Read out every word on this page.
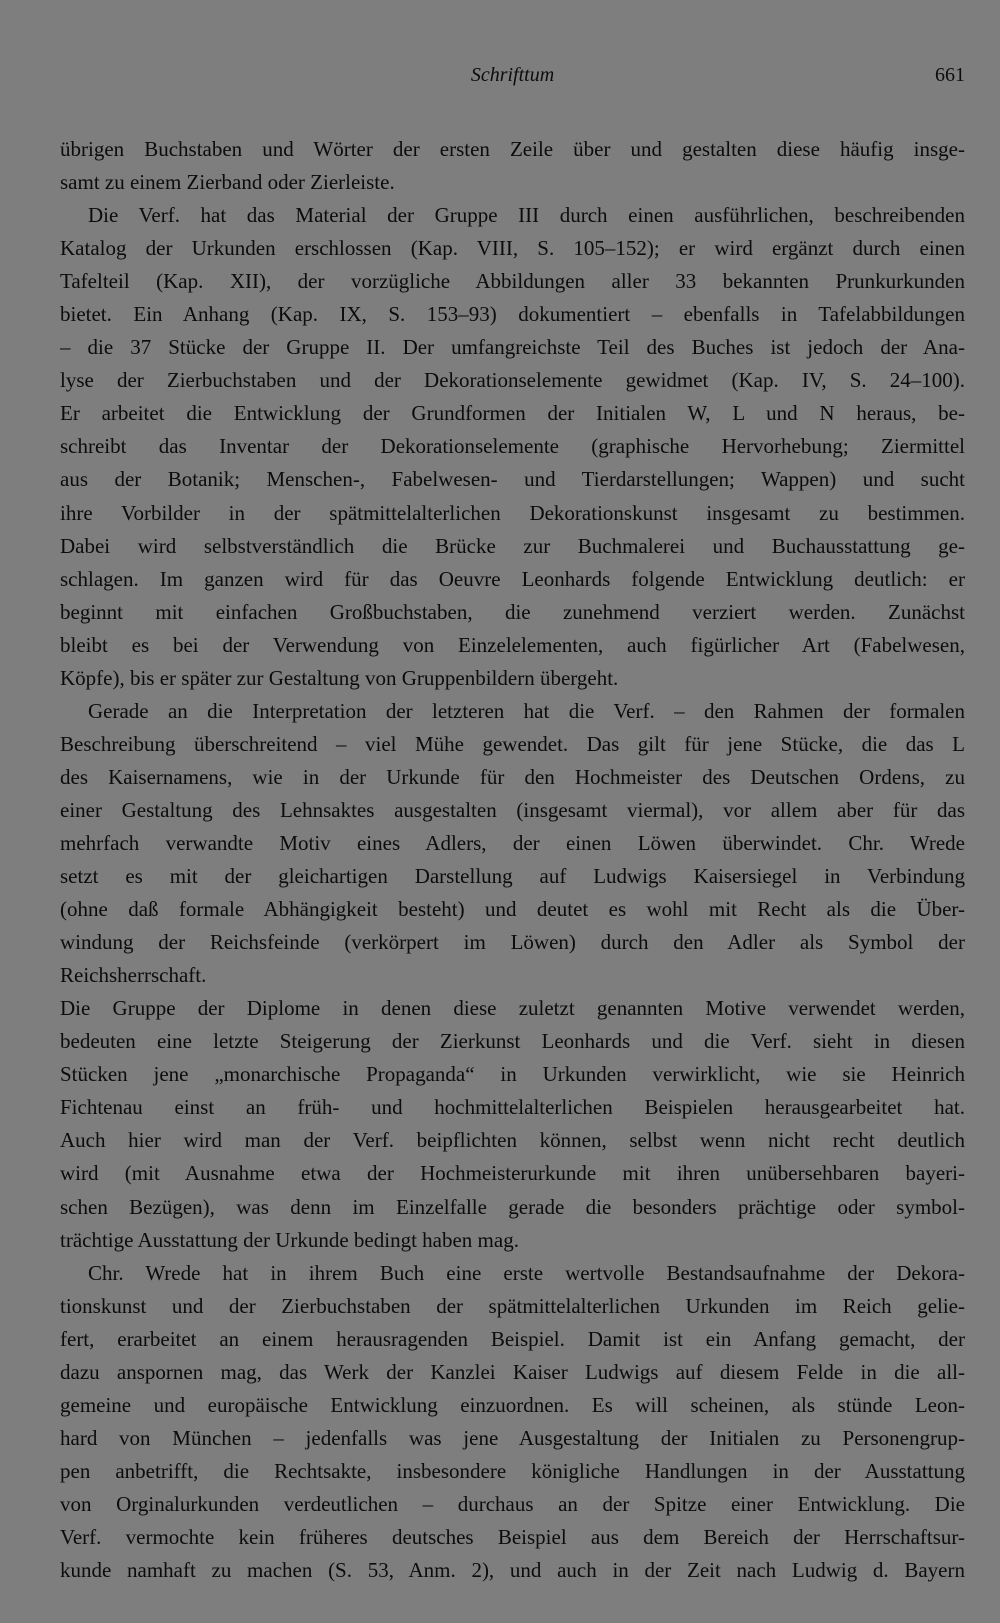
Schrifttum	661
übrigen Buchstaben und Wörter der ersten Zeile über und gestalten diese häufig insge-
samt zu einem Zierband oder Zierleiste.
Die Verf. hat das Material der Gruppe III durch einen ausführlichen, beschreibenden
Katalog der Urkunden erschlossen (Kap. VIII, S. 105–152); er wird ergänzt durch einen
Tafelteil (Kap. XII), der vorzügliche Abbildungen aller 33 bekannten Prunkurkunden
bietet. Ein Anhang (Kap. IX, S. 153–93) dokumentiert – ebenfalls in Tafelabbildungen
– die 37 Stücke der Gruppe II. Der umfangreichste Teil des Buches ist jedoch der Ana-
lyse der Zierbuchstaben und der Dekorationselemente gewidmet (Kap. IV, S. 24–100).
Er arbeitet die Entwicklung der Grundformen der Initialen W, L und N heraus, be-
schreibt das Inventar der Dekorationselemente (graphische Hervorhebung; Ziermittel
aus der Botanik; Menschen-, Fabelwesen- und Tierdarstellungen; Wappen) und sucht
ihre Vorbilder in der spätmittelalterlichen Dekorationskunst insgesamt zu bestimmen.
Dabei wird selbstverständlich die Brücke zur Buchmalerei und Buchausstattung ge-
schlagen. Im ganzen wird für das Oeuvre Leonhards folgende Entwicklung deutlich: er
beginnt mit einfachen Großbuchstaben, die zunehmend verziert werden. Zunächst
bleibt es bei der Verwendung von Einzelelementen, auch figürlicher Art (Fabelwesen,
Köpfe), bis er später zur Gestaltung von Gruppenbildern übergeht.
Gerade an die Interpretation der letzteren hat die Verf. – den Rahmen der formalen
Beschreibung überschreitend – viel Mühe gewendet. Das gilt für jene Stücke, die das L
des Kaisernamens, wie in der Urkunde für den Hochmeister des Deutschen Ordens, zu
einer Gestaltung des Lehnsaktes ausgestalten (insgesamt viermal), vor allem aber für das
mehrfach verwandte Motiv eines Adlers, der einen Löwen überwindet. Chr. Wrede
setzt es mit der gleichartigen Darstellung auf Ludwigs Kaisersiegel in Verbindung
(ohne daß formale Abhängigkeit besteht) und deutet es wohl mit Recht als die Über-
windung der Reichsfeinde (verkörpert im Löwen) durch den Adler als Symbol der
Reichsherrschaft.
Die Gruppe der Diplome in denen diese zuletzt genannten Motive verwendet werden,
bedeuten eine letzte Steigerung der Zierkunst Leonhards und die Verf. sieht in diesen
Stücken jene „monarchische Propaganda“ in Urkunden verwirklicht, wie sie Heinrich
Fichtenau einst an früh- und hochmittelalterlichen Beispielen herausgearbeitet hat.
Auch hier wird man der Verf. beipflichten können, selbst wenn nicht recht deutlich
wird (mit Ausnahme etwa der Hochmeisterurkunde mit ihren unübersehbaren bayeri-
schen Bezügen), was denn im Einzelfalle gerade die besonders prächtige oder symbol-
trächtige Ausstattung der Urkunde bedingt haben mag.
Chr. Wrede hat in ihrem Buch eine erste wertvolle Bestandsaufnahme der Dekora-
tionskunst und der Zierbuchstaben der spätmittelalterlichen Urkunden im Reich gelie-
fert, erarbeitet an einem herausragenden Beispiel. Damit ist ein Anfang gemacht, der
dazu anspornen mag, das Werk der Kanzlei Kaiser Ludwigs auf diesem Felde in die all-
gemeine und europäische Entwicklung einzuordnen. Es will scheinen, als stünde Leon-
hard von München – jedenfalls was jene Ausgestaltung der Initialen zu Personengrup-
pen anbetrifft, die Rechtsakte, insbesondere königliche Handlungen in der Ausstattung
von Orginalurkunden verdeutlichen – durchaus an der Spitze einer Entwicklung. Die
Verf. vermochte kein früheres deutsches Beispiel aus dem Bereich der Herrschaftsur-
kunde namhaft zu machen (S. 53, Anm. 2), und auch in der Zeit nach Ludwig d. Bayern
